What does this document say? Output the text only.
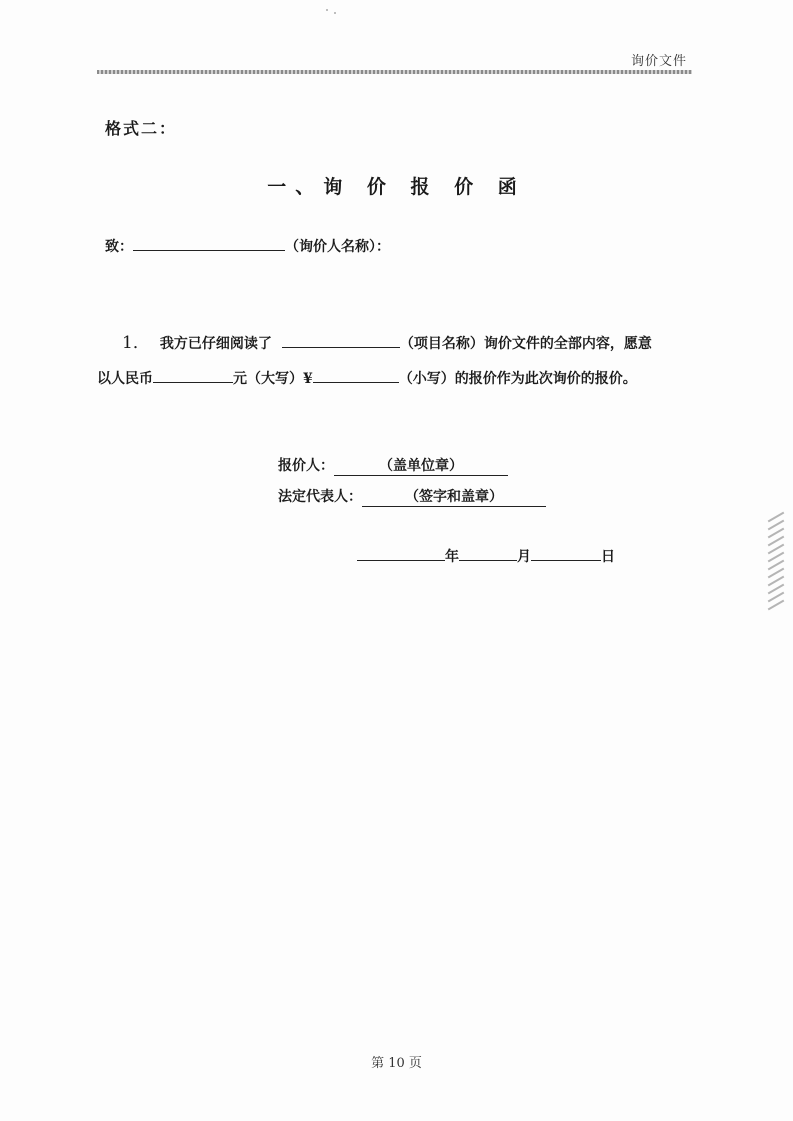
询价文件
格式二：
一、询 价 报 价 函
致：	（询价人名称）：
1． 我方已仔细阅读了	（项目名称）询价文件的全部内容，愿意
以人民币	元（大写）¥	（小写）的报价作为此次询价的报价。
报价人：	（盖单位章）
法定代表人：	（签字和盖章）
年	月	日
第 10 页
